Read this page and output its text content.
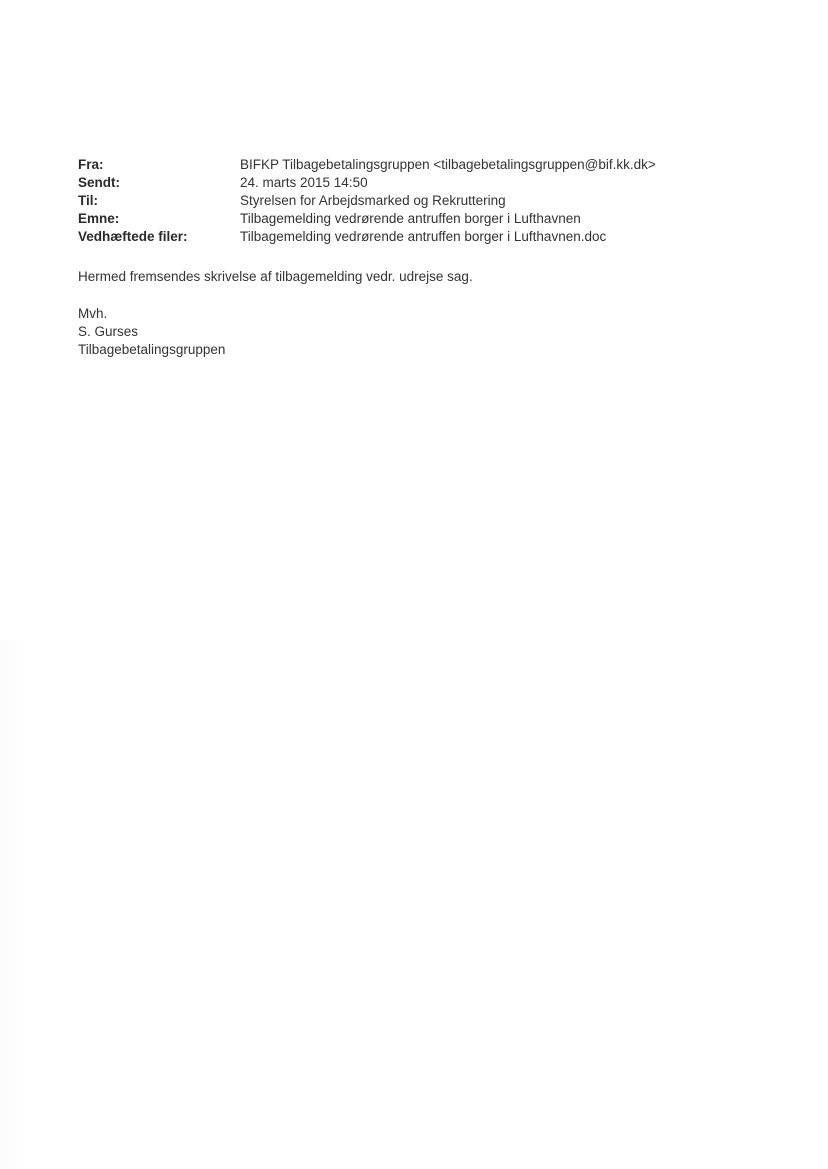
Fra:	BIFKP Tilbagebetalingsgruppen <tilbagebetalingsgruppen@bif.kk.dk>
Sendt:	24. marts 2015 14:50
Til:	Styrelsen for Arbejdsmarked og Rekruttering
Emne:	Tilbagemelding vedrørende antruffen borger i Lufthavnen
Vedhæftede filer:	Tilbagemelding vedrørende antruffen borger i Lufthavnen.doc
Hermed fremsendes skrivelse af tilbagemelding vedr. udrejse sag.
Mvh.
S. Gurses
Tilbagebetalingsgruppen
